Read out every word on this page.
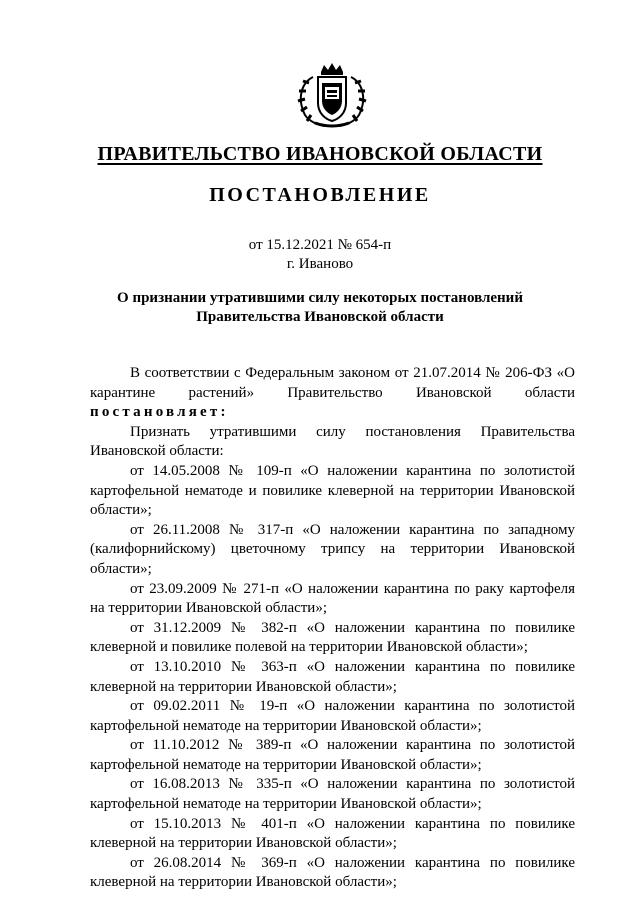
ПРАВИТЕЛЬСТВО ИВАНОВСКОЙ ОБЛАСТИ
ПОСТАНОВЛЕНИЕ
от 15.12.2021 № 654-п
г. Иваново
О признании утратившими силу некоторых постановлений
Правительства Ивановской области

В соответствии с Федеральным законом от 21.07.2014 № 206-ФЗ «О карантине растений» Правительство Ивановской области постановляет:

Признать утратившими силу постановления Правительства Ивановской области:

от 14.05.2008 № 109-п «О наложении карантина по золотистой картофельной нематоде и повилике клеверной на территории Ивановской области»;

от 26.11.2008 № 317-п «О наложении карантина по западному (калифорнийскому) цветочному трипсу на территории Ивановской области»;

от 23.09.2009 № 271-п «О наложении карантина по раку картофеля на территории Ивановской области»;

от 31.12.2009 № 382-п «О наложении карантина по повилике клеверной и повилике полевой на территории Ивановской области»;

от 13.10.2010 № 363-п «О наложении карантина по повилике клеверной на территории Ивановской области»;

от 09.02.2011 № 19-п «О наложении карантина по золотистой картофельной нематоде на территории Ивановской области»;

от 11.10.2012 № 389-п «О наложении карантина по золотистой картофельной нематоде на территории Ивановской области»;

от 16.08.2013 № 335-п «О наложении карантина по золотистой картофельной нематоде на территории Ивановской области»;

от 15.10.2013 № 401-п «О наложении карантина по повилике клеверной на территории Ивановской области»;

от 26.08.2014 № 369-п «О наложении карантина по повилике клеверной на территории Ивановской области»;
